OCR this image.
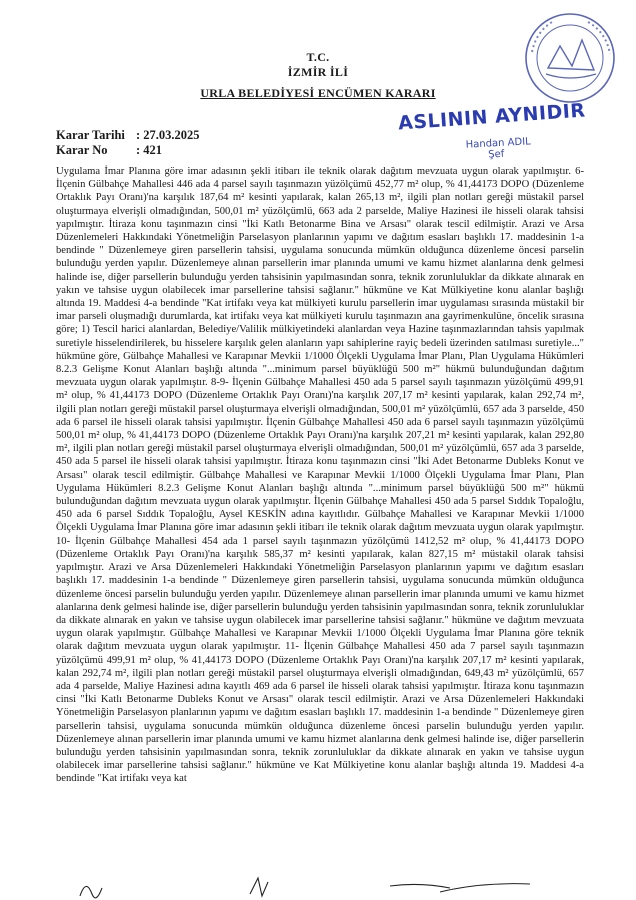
T.C.
İZMİR İLİ
URLA BELEDİYESİ ENCÜMEN KARARI
ASLININ AYNIDIR
Handan ADIL
Şef
Karar Tarihi : 27.03.2025
Karar No	: 421
Uygulama İmar Planına göre imar adasının şekli itibarı ile teknik olarak dağıtım mevzuata uygun olarak yapılmıştır. 6- İlçenin Gülbahçe Mahallesi 446 ada 4 parsel sayılı taşınmazın yüzölçümü 452,77 m² olup, % 41,44173 DOPO (Düzenleme Ortaklık Payı Oranı)'na karşılık 187,64 m² kesinti yapılarak, kalan 265,13 m², ilgili plan notları gereği müstakil parsel oluşturmaya elverişli olmadığından, 500,01 m² yüzölçümlü, 663 ada 2 parselde, Maliye Hazinesi ile hisseli olarak tahsisi yapılmıştır. İtiraza konu taşınmazın cinsi "İki Katlı Betonarme Bina ve Arsası" olarak tescil edilmiştir. Arazi ve Arsa Düzenlemeleri Hakkındaki Yönetmeliğin Parselasyon planlarının yapımı ve dağıtım esasları başlıklı 17. maddesinin 1-a bendinde " Düzenlemeye giren parsellerin tahsisi, uygulama sonucunda mümkün olduğunca düzenleme öncesi parselin bulunduğu yerden yapılır. Düzenlemeye alınan parsellerin imar planında umumi ve kamu hizmet alanlarına denk gelmesi halinde ise, diğer parsellerin bulunduğu yerden tahsisinin yapılmasından sonra, teknik zorunluluklar da dikkate alınarak en yakın ve tahsise uygun olabilecek imar parsellerine tahsisi sağlanır." hükmüne ve Kat Mülkiyetine konu alanlar başlığı altında 19. Maddesi 4-a bendinde "Kat irtifakı veya kat mülkiyeti kurulu parsellerin imar uygulaması sırasında müstakil bir imar parseli oluşmadığı durumlarda, kat irtifakı veya kat mülkiyeti kurulu taşınmazın ana gayrimenkulüne, öncelik sırasına göre; 1) Tescil harici alanlardan, Belediye/Valilik mülkiyetindeki alanlardan veya Hazine taşınmazlarından tahsis yapılmak suretiyle hisselendirilerek, bu hisselere karşılık gelen alanların yapı sahiplerine rayiç bedeli üzerinden satılması suretiyle..." hükmüne göre, Gülbahçe Mahallesi ve Karapınar Mevkii 1/1000 Ölçekli Uygulama İmar Planı, Plan Uygulama Hükümleri 8.2.3 Gelişme Konut Alanları başlığı altında "...minimum parsel büyüklüğü 500 m²" hükmü bulunduğundan dağıtım mevzuata uygun olarak yapılmıştır. 8-9- İlçenin Gülbahçe Mahallesi 450 ada 5 parsel sayılı taşınmazın yüzölçümü 499,91 m² olup, % 41,44173 DOPO (Düzenleme Ortaklık Payı Oranı)'na karşılık 207,17 m² kesinti yapılarak, kalan 292,74 m², ilgili plan notları gereği müstakil parsel oluşturmaya elverişli olmadığından, 500,01 m² yüzölçümlü, 657 ada 3 parselde, 450 ada 6 parsel ile hisseli olarak tahsisi yapılmıştır. İlçenin Gülbahçe Mahallesi 450 ada 6 parsel sayılı taşınmazın yüzölçümü 500,01 m² olup, % 41,44173 DOPO (Düzenleme Ortaklık Payı Oranı)'na karşılık 207,21 m² kesinti yapılarak, kalan 292,80 m², ilgili plan notları gereği müstakil parsel oluşturmaya elverişli olmadığından, 500,01 m² yüzölçümlü, 657 ada 3 parselde, 450 ada 5 parsel ile hisseli olarak tahsisi yapılmıştır. İtiraza konu taşınmazın cinsi "İki Adet Betonarme Dubleks Konut ve Arsası" olarak tescil edilmiştir. Gülbahçe Mahallesi ve Karapınar Mevkii 1/1000 Ölçekli Uygulama İmar Planı, Plan Uygulama Hükümleri 8.2.3 Gelişme Konut Alanları başlığı altında "...minimum parsel büyüklüğü 500 m²" hükmü bulunduğundan dağıtım mevzuata uygun olarak yapılmıştır. İlçenin Gülbahçe Mahallesi 450 ada 5 parsel Sıddık Topaloğlu, 450 ada 6 parsel Sıddık Topaloğlu, Aysel KESKİN adına kayıtlıdır. Gülbahçe Mahallesi ve Karapınar Mevkii 1/1000 Ölçekli Uygulama İmar Planına göre imar adasının şekli itibarı ile teknik olarak dağıtım mevzuata uygun olarak yapılmıştır. 10- İlçenin Gülbahçe Mahallesi 454 ada 1 parsel sayılı taşınmazın yüzölçümü 1412,52 m² olup, % 41,44173 DOPO (Düzenleme Ortaklık Payı Oranı)'na karşılık 585,37 m² kesinti yapılarak, kalan 827,15 m² müstakil olarak tahsisi yapılmıştır. Arazi ve Arsa Düzenlemeleri Hakkındaki Yönetmeliğin Parselasyon planlarının yapımı ve dağıtım esasları başlıklı 17. maddesinin 1-a bendinde " Düzenlemeye giren parsellerin tahsisi, uygulama sonucunda mümkün olduğunca düzenleme öncesi parselin bulunduğu yerden yapılır. Düzenlemeye alınan parsellerin imar planında umumi ve kamu hizmet alanlarına denk gelmesi halinde ise, diğer parsellerin bulunduğu yerden tahsisinin yapılmasından sonra, teknik zorunluluklar da dikkate alınarak en yakın ve tahsise uygun olabilecek imar parsellerine tahsisi sağlanır." hükmüne ve dağıtım mevzuata uygun olarak yapılmıştır. Gülbahçe Mahallesi ve Karapınar Mevkii 1/1000 Ölçekli Uygulama İmar Planına göre teknik olarak dağıtım mevzuata uygun olarak yapılmıştır. 11- İlçenin Gülbahçe Mahallesi 450 ada 7 parsel sayılı taşınmazın yüzölçümü 499,91 m² olup, % 41,44173 DOPO (Düzenleme Ortaklık Payı Oranı)'na karşılık 207,17 m² kesinti yapılarak, kalan 292,74 m², ilgili plan notları gereği müstakil parsel oluşturmaya elverişli olmadığından, 649,43 m² yüzölçümlü, 657 ada 4 parselde, Maliye Hazinesi adına kayıtlı 469 ada 6 parsel ile hisseli olarak tahsisi yapılmıştır. İtiraza konu taşınmazın cinsi "İki Katlı Betonarme Dubleks Konut ve Arsası" olarak tescil edilmiştir. Arazi ve Arsa Düzenlemeleri Hakkındaki Yönetmeliğin Parselasyon planlarının yapımı ve dağıtım esasları başlıklı 17. maddesinin 1-a bendinde " Düzenlemeye giren parsellerin tahsisi, uygulama sonucunda mümkün olduğunca düzenleme öncesi parselin bulunduğu yerden yapılır. Düzenlemeye alınan parsellerin imar planında umumi ve kamu hizmet alanlarına denk gelmesi halinde ise, diğer parsellerin bulunduğu yerden tahsisinin yapılmasından sonra, teknik zorunluluklar da dikkate alınarak en yakın ve tahsise uygun olabilecek imar parsellerine tahsisi sağlanır." hükmüne ve Kat Mülkiyetine konu alanlar başlığı altında 19. Maddesi 4-a bendinde "Kat irtifakı veya kat
